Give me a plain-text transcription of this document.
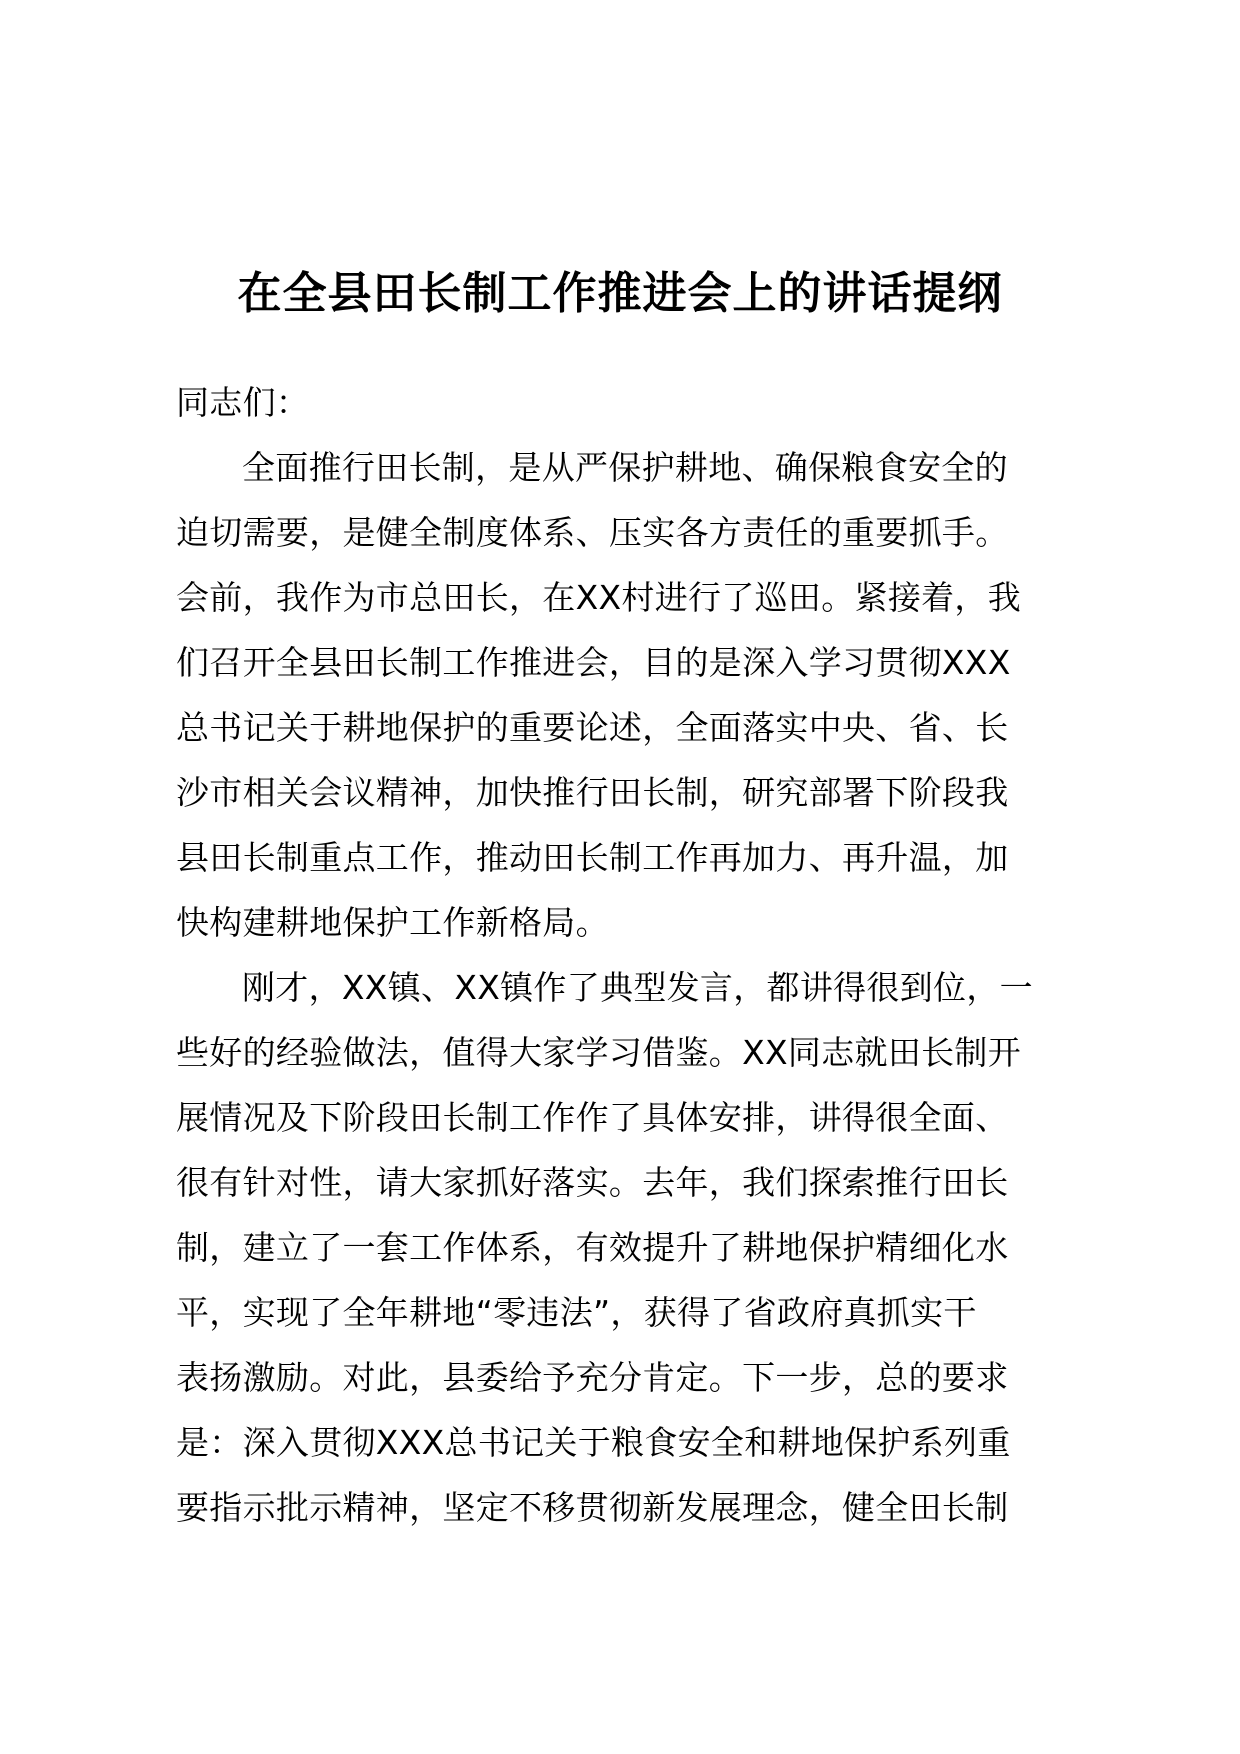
在全县田长制工作推进会上的讲话提纲
同志们：
全面推行田长制，是从严保护耕地、确保粮食安全的
迫切需要，是健全制度体系、压实各方责任的重要抓手。
会前，我作为市总田长，在XX村进行了巡田。紧接着，我
们召开全县田长制工作推进会，目的是深入学习贯彻XXX
总书记关于耕地保护的重要论述，全面落实中央、省、长
沙市相关会议精神，加快推行田长制，研究部署下阶段我
县田长制重点工作，推动田长制工作再加力、再升温，加
快构建耕地保护工作新格局。
刚才，XX镇、XX镇作了典型发言，都讲得很到位，一
些好的经验做法，值得大家学习借鉴。XX同志就田长制开
展情况及下阶段田长制工作作了具体安排，讲得很全面、
很有针对性，请大家抓好落实。去年，我们探索推行田长
制，建立了一套工作体系，有效提升了耕地保护精细化水
平，实现了全年耕地“零违法”，获得了省政府真抓实干
表扬激励。对此，县委给予充分肯定。下一步，总的要求
是：深入贯彻XXX总书记关于粮食安全和耕地保护系列重
要指示批示精神，坚定不移贯彻新发展理念，健全田长制
